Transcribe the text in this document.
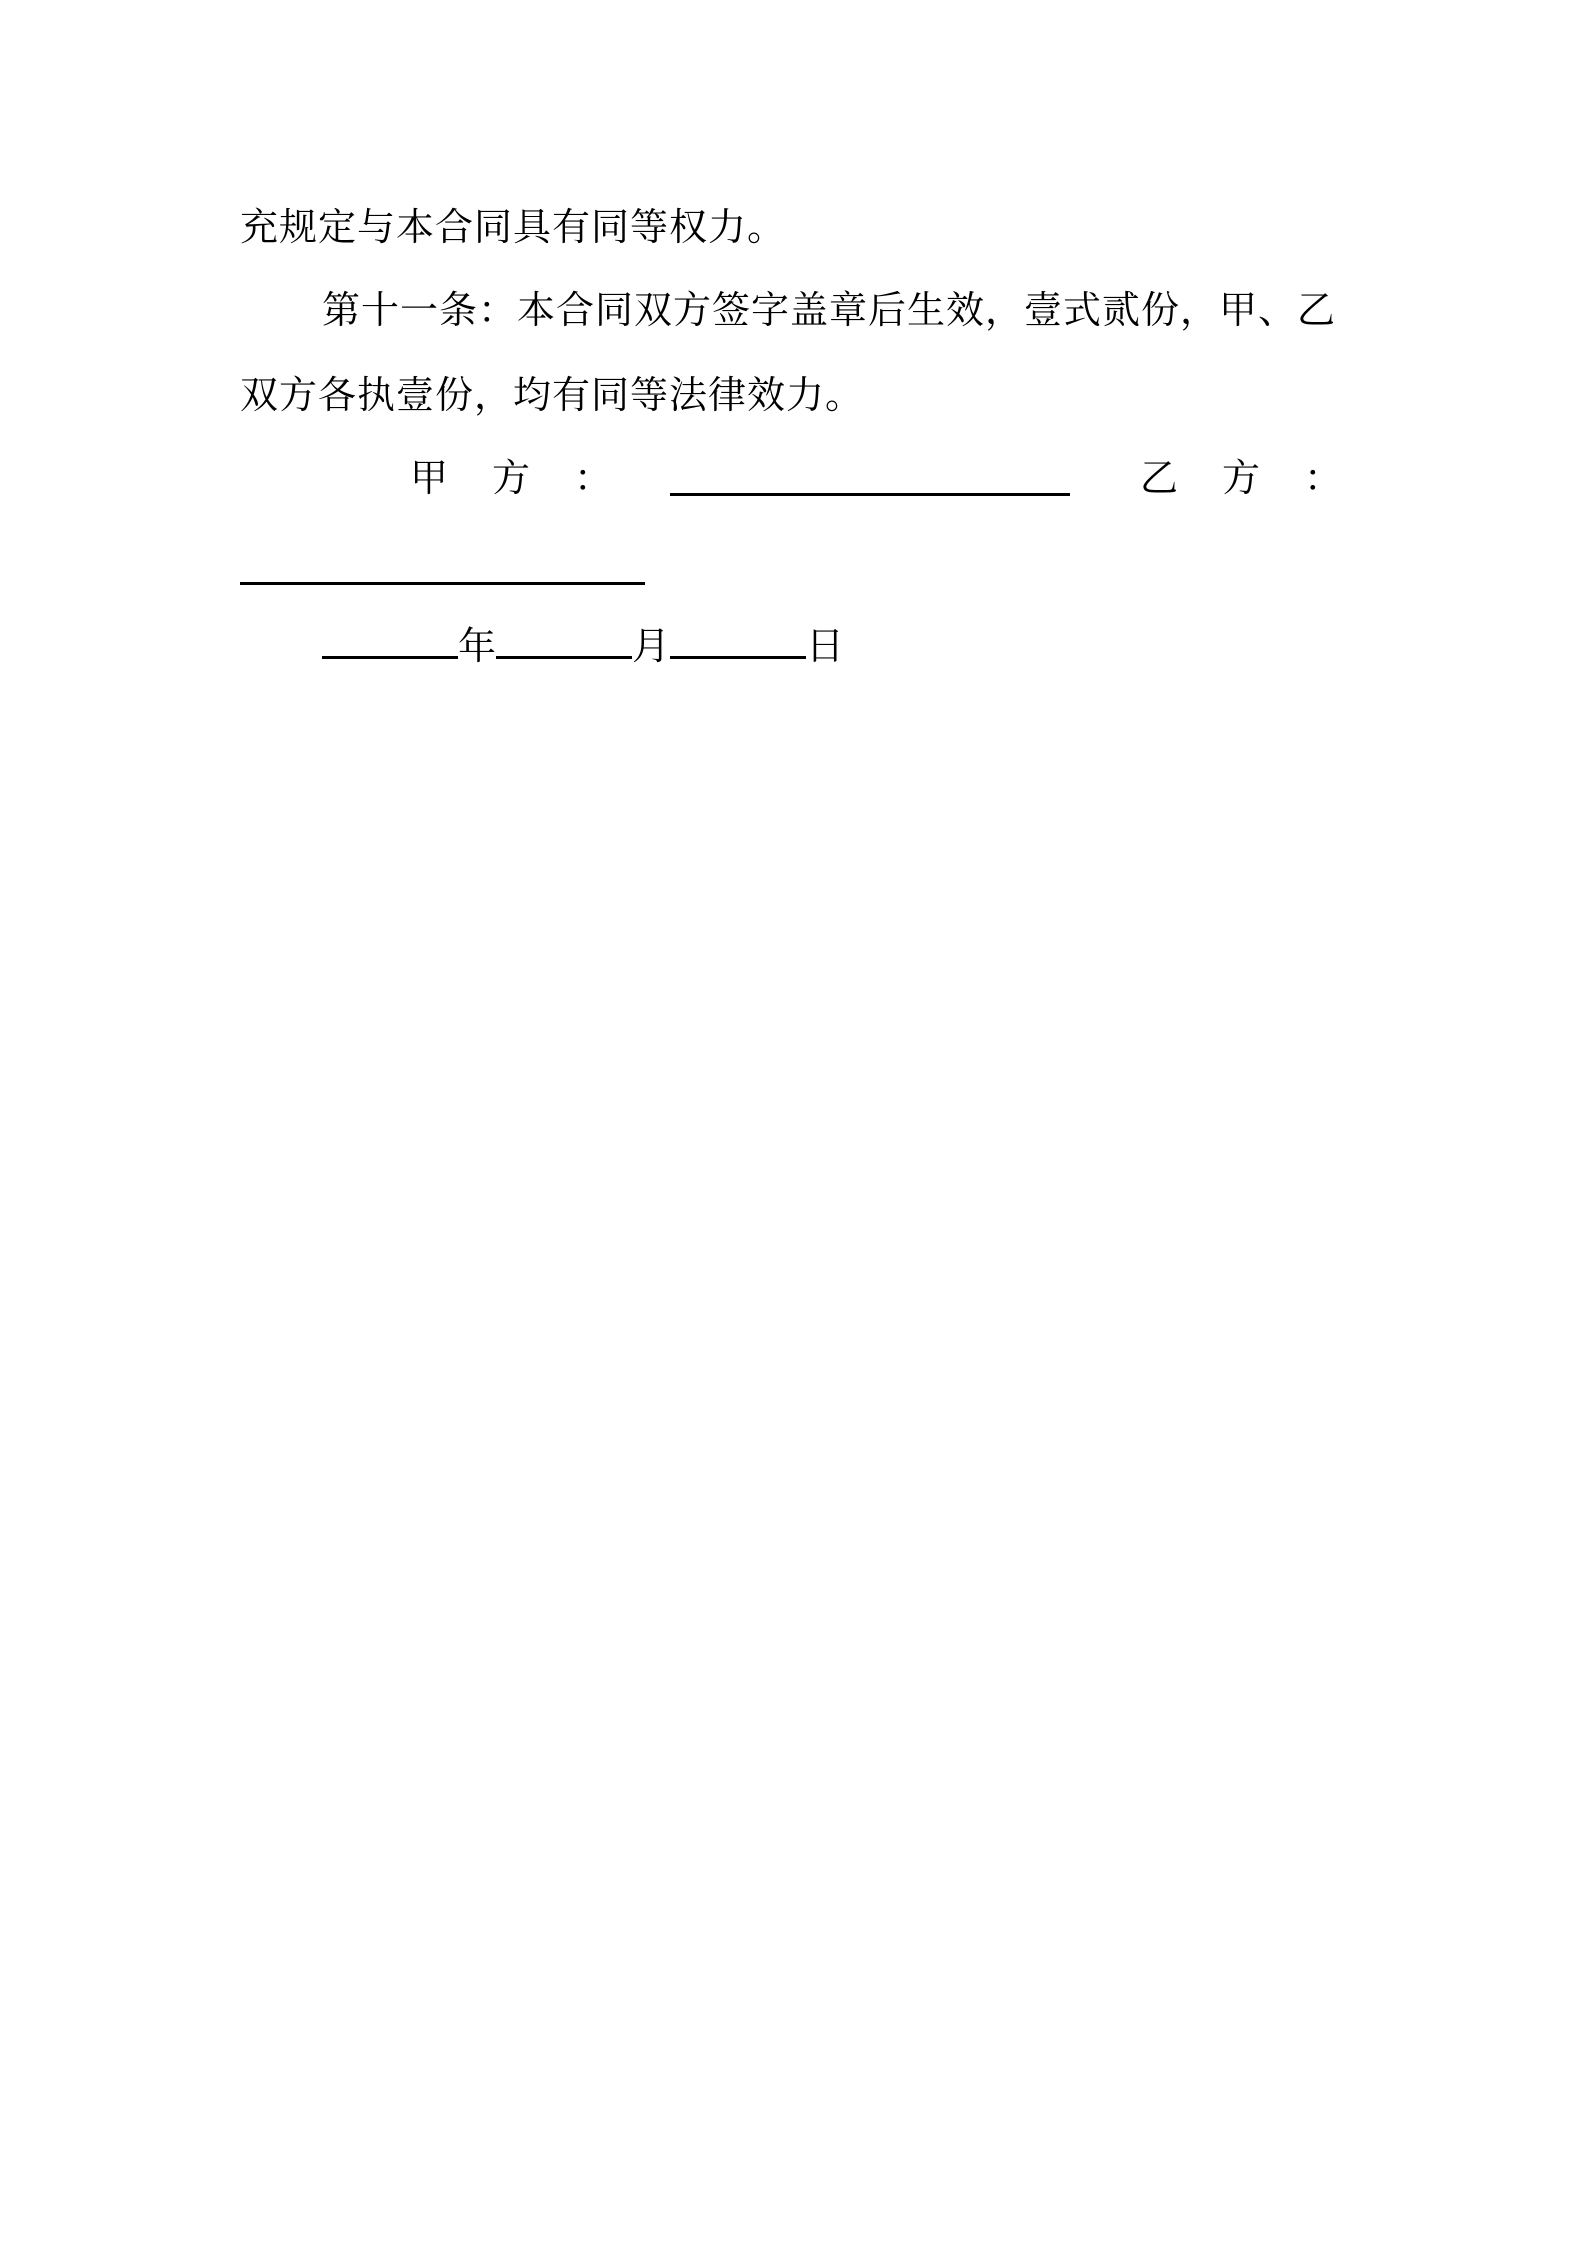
充规定与本合同具有同等权力。
第十一条：本合同双方签字盖章后生效，壹式贰份，甲、乙
双方各执壹份，均有同等法律效力。
甲方：	乙方：
年	月	日
